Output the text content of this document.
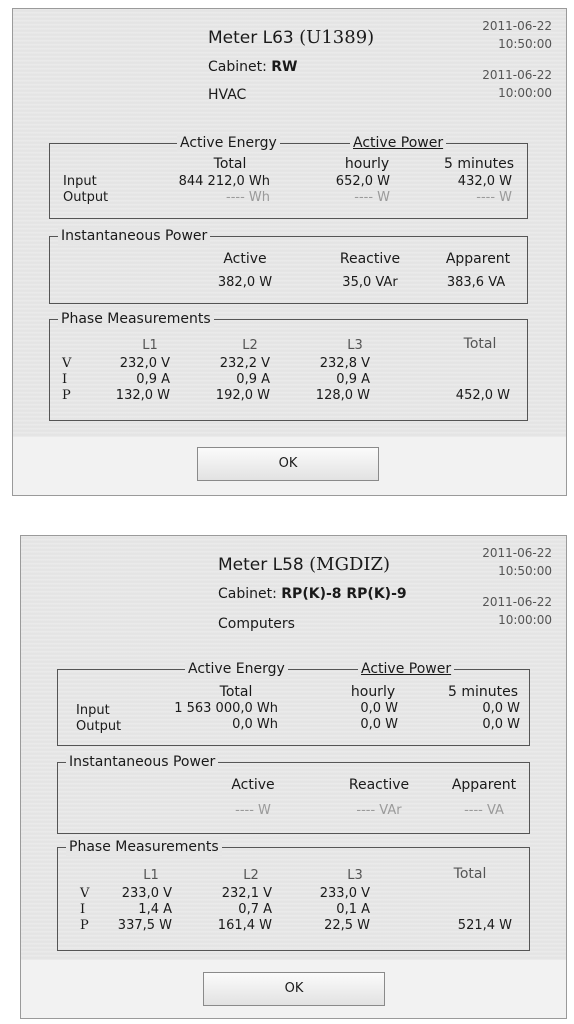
Meter L63 (U1389)
Cabinet: RW
HVAC
2011-06-22
10:50:00
2011-06-22
10:00:00
Active Energy	Active Power
Total	hourly	5 minutes
Input	844 212,0 Wh	652,0 W	432,0 W
Output	---- Wh	---- W	---- W
Instantaneous Power
Active	Reactive	Apparent
382,0 W	35,0 VAr	383,6 VA
Phase Measurements
L1	L2	L3	Total
V	232,0 V	232,2 V	232,8 V
I	0,9 A	0,9 A	0,9 A
P	132,0 W	192,0 W	128,0 W	452,0 W
OK
Meter L58 (MGDIZ)
Cabinet: RP(K)-8 RP(K)-9
Computers
2011-06-22
10:50:00
2011-06-22
10:00:00
Active Energy	Active Power
Total	hourly	5 minutes
Input	1 563 000,0 Wh	0,0 W	0,0 W
Output	0,0 Wh	0,0 W	0,0 W
Instantaneous Power
Active	Reactive	Apparent
---- W	---- VAr	---- VA
Phase Measurements
L1	L2	L3	Total
V	233,0 V	232,1 V	233,0 V
I	1,4 A	0,7 A	0,1 A
P	337,5 W	161,4 W	22,5 W	521,4 W
OK
